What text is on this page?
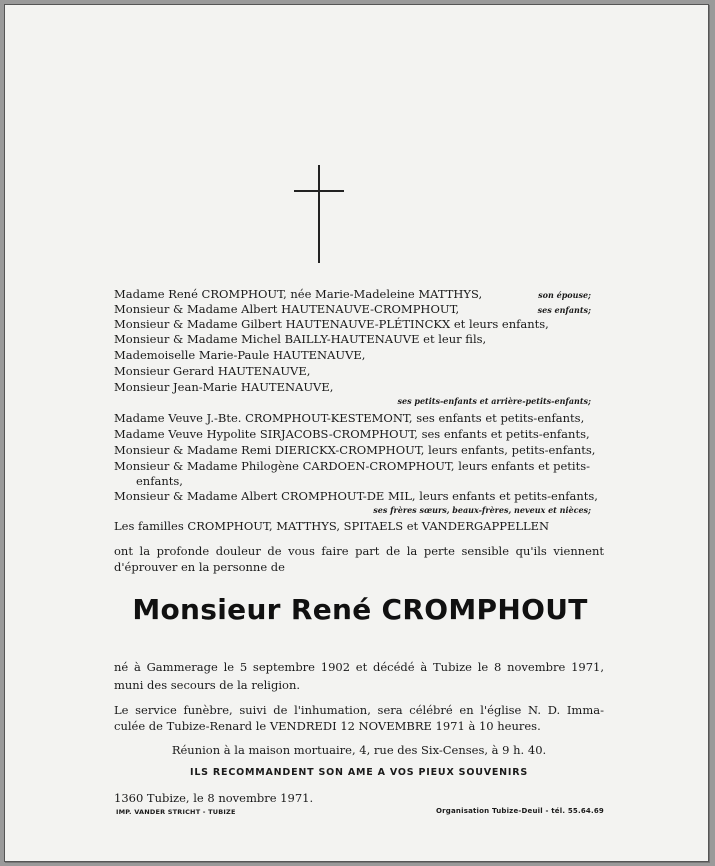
Madame René CROMPHOUT, née Marie-Madeleine MATTHYS,	son épouse;
Monsieur & Madame Albert HAUTENAUVE-CROMPHOUT,	ses enfants;
Monsieur & Madame Gilbert HAUTENAUVE-PLÉTINCKX et leurs enfants,
Monsieur & Madame Michel BAILLY-HAUTENAUVE et leur fils,
Mademoiselle Marie-Paule HAUTENAUVE,
Monsieur Gerard HAUTENAUVE,
Monsieur Jean-Marie HAUTENAUVE,
ses petits-enfants et arrière-petits-enfants;
Madame Veuve J.-Bte. CROMPHOUT-KESTEMONT, ses enfants et petits-enfants,
Madame Veuve Hypolite SIRJACOBS-CROMPHOUT, ses enfants et petits-enfants,
Monsieur & Madame Remi DIERICKX-CROMPHOUT, leurs enfants, petits-enfants,
Monsieur & Madame Philogène CARDOEN-CROMPHOUT, leurs enfants et petits-
enfants,
Monsieur & Madame Albert CROMPHOUT-DE MIL, leurs enfants et petits-enfants,
ses frères sœurs, beaux-frères, neveux et nièces;
Les familles CROMPHOUT, MATTHYS, SPITAELS et VANDERGAPPELLEN
ont la profonde douleur de vous faire part de la perte sensible qu'ils viennent
d'éprouver en la personne de
Monsieur René CROMPHOUT
né à Gammerage le 5 septembre 1902 et décédé à Tubize le 8 novembre 1971,
muni des secours de la religion.
Le service funèbre, suivi de l'inhumation, sera célébré en l'église N. D. Imma-
culée de Tubize-Renard le VENDREDI 12 NOVEMBRE 1971 à 10 heures.
Réunion à la maison mortuaire, 4, rue des Six-Censes, à 9 h. 40.
ILS RECOMMANDENT SON AME A VOS PIEUX SOUVENIRS
1360 Tubize, le 8 novembre 1971.
IMP. VANDER STRICHT - TUBIZE	Organisation Tubize-Deuil - tél. 55.64.69
